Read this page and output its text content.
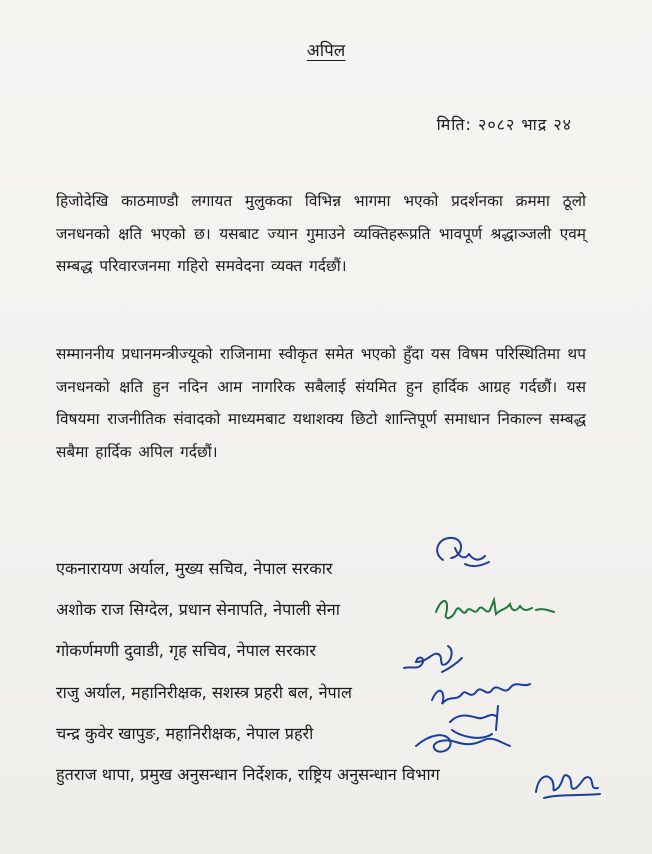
अपिल
मिति: २०८२ भाद्र २४
हिजोदेखि काठमाण्डौ लगायत मुलुकका विभिन्न भागमा भएको प्रदर्शनका क्रममा ठूलो जनधनको क्षति भएको छ। यसबाट ज्यान गुमाउने व्यक्तिहरूप्रति भावपूर्ण श्रद्धाञ्जली एवम् सम्बद्ध परिवारजनमा गहिरो समवेदना व्यक्त गर्दछौं।
सम्माननीय प्रधानमन्त्रीज्यूको राजिनामा स्वीकृत समेत भएको हुँदा यस विषम परिस्थितिमा थप जनधनको क्षति हुन नदिन आम नागरिक सबैलाई संयमित हुन हार्दिक आग्रह गर्दछौं। यस विषयमा राजनीतिक संवादको माध्यमबाट यथाशक्य छिटो शान्तिपूर्ण समाधान निकाल्न सम्बद्ध सबैमा हार्दिक अपिल गर्दछौं।
एकनारायण अर्याल, मुख्य सचिव, नेपाल सरकार
अशोक राज सिग्देल, प्रधान सेनापति, नेपाली सेना
गोकर्णमणी दुवाडी, गृह सचिव, नेपाल सरकार
राजु अर्याल, महानिरीक्षक, सशस्त्र प्रहरी बल, नेपाल
चन्द्र कुवेर खापुङ, महानिरीक्षक, नेपाल प्रहरी
हुतराज थापा, प्रमुख अनुसन्धान निर्देशक, राष्ट्रिय अनुसन्धान विभाग
